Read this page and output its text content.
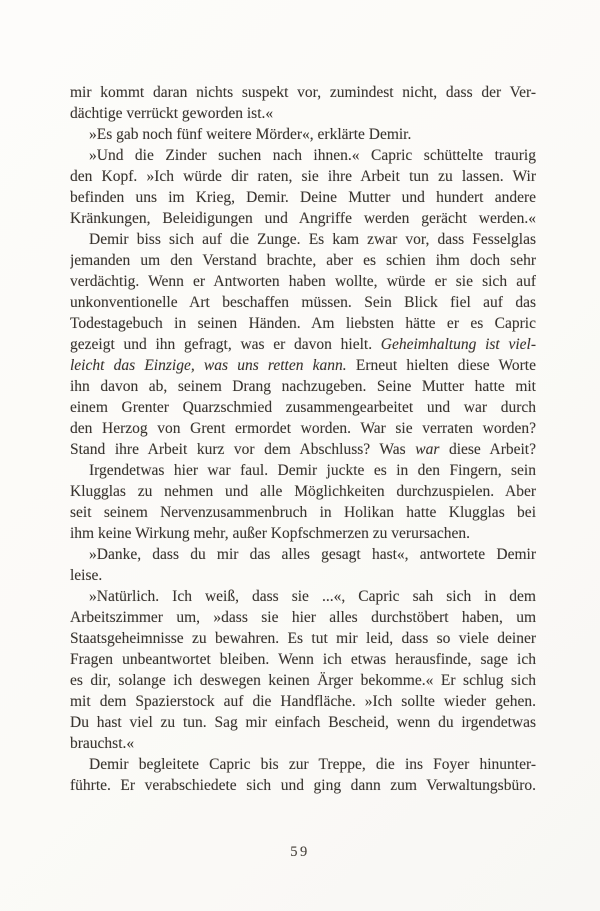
mir kommt daran nichts suspekt vor, zumindest nicht, dass der Ver-
dächtige verrückt geworden ist.«
»Es gab noch fünf weitere Mörder«, erklärte Demir.
»Und die Zinder suchen nach ihnen.« Capric schüttelte traurig
den Kopf. »Ich würde dir raten, sie ihre Arbeit tun zu lassen. Wir
befinden uns im Krieg, Demir. Deine Mutter und hundert andere
Kränkungen, Beleidigungen und Angriffe werden gerächt werden.«
Demir biss sich auf die Zunge. Es kam zwar vor, dass Fesselglas
jemanden um den Verstand brachte, aber es schien ihm doch sehr
verdächtig. Wenn er Antworten haben wollte, würde er sie sich auf
unkonventionelle Art beschaffen müssen. Sein Blick fiel auf das
Todestagebuch in seinen Händen. Am liebsten hätte er es Capric
gezeigt und ihn gefragt, was er davon hielt. Geheimhaltung ist viel-
leicht das Einzige, was uns retten kann. Erneut hielten diese Worte
ihn davon ab, seinem Drang nachzugeben. Seine Mutter hatte mit
einem Grenter Quarzschmied zusammengearbeitet und war durch
den Herzog von Grent ermordet worden. War sie verraten worden?
Stand ihre Arbeit kurz vor dem Abschluss? Was war diese Arbeit?
Irgendetwas hier war faul. Demir juckte es in den Fingern, sein
Klugglas zu nehmen und alle Möglichkeiten durchzuspielen. Aber
seit seinem Nervenzusammenbruch in Holikan hatte Klugglas bei
ihm keine Wirkung mehr, außer Kopfschmerzen zu verursachen.
»Danke, dass du mir das alles gesagt hast«, antwortete Demir
leise.
»Natürlich. Ich weiß, dass sie ...«, Capric sah sich in dem
Arbeitszimmer um, »dass sie hier alles durchstöbert haben, um
Staatsgeheimnisse zu bewahren. Es tut mir leid, dass so viele deiner
Fragen unbeantwortet bleiben. Wenn ich etwas herausfinde, sage ich
es dir, solange ich deswegen keinen Ärger bekomme.« Er schlug sich
mit dem Spazierstock auf die Handfläche. »Ich sollte wieder gehen.
Du hast viel zu tun. Sag mir einfach Bescheid, wenn du irgendetwas
brauchst.«
Demir begleitete Capric bis zur Treppe, die ins Foyer hinunter-
führte. Er verabschiedete sich und ging dann zum Verwaltungsbüro.
59
